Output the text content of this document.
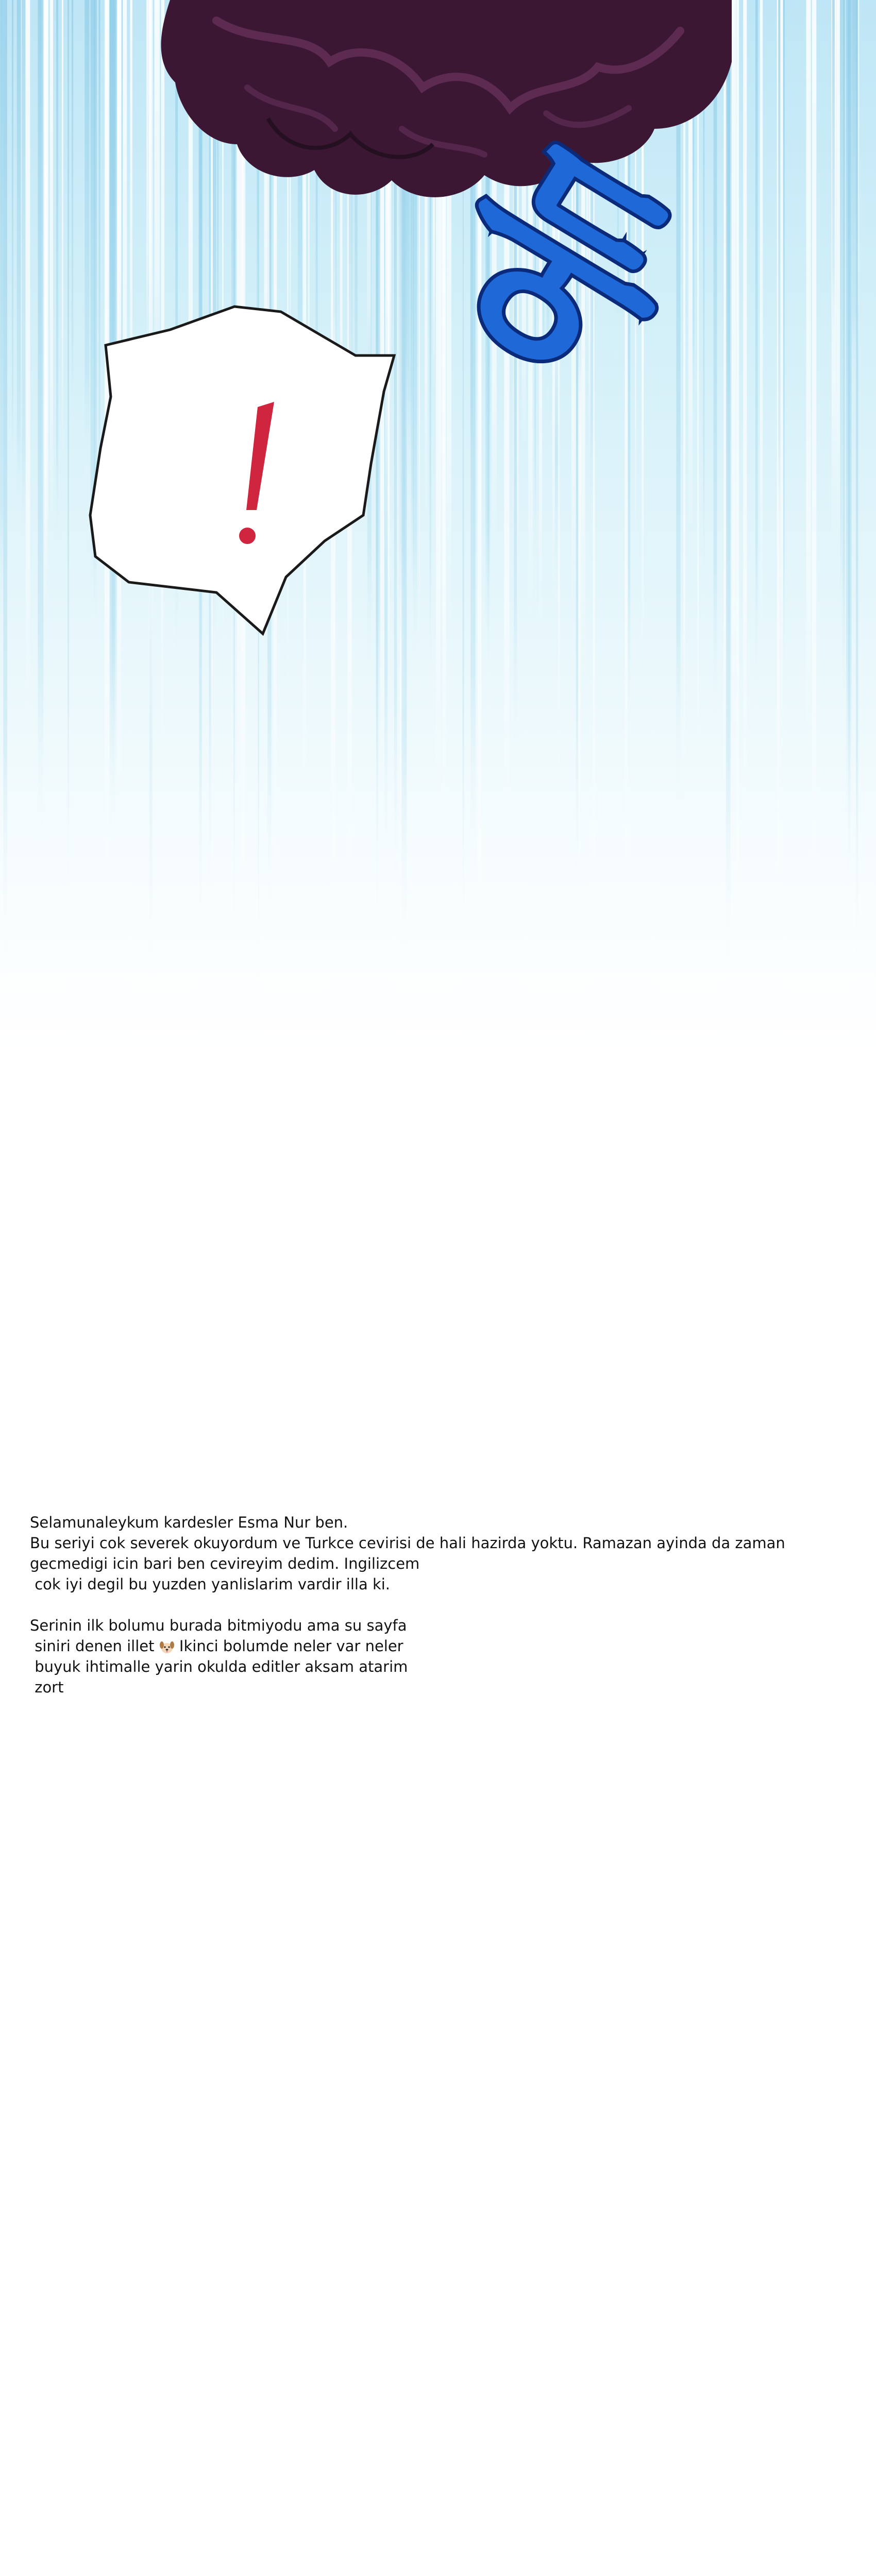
둥
!

Selamunaleykum kardesler Esma Nur ben.

Bu seriyi cok severek okuyordum ve Turkce cevirisi de hali hazirda yoktu. Ramazan ayinda da zaman

gecmedigi icin bari ben cevireyim dedim. Ingilizcem

cok iyi degil bu yuzden yanlislarim vardir illa ki.

Serinin ilk bolumu burada bitmiyodu ama su sayfa

siniri denen illet  Ikinci bolumde neler var neler

buyuk ihtimalle yarin okulda editler aksam atarim

zort
